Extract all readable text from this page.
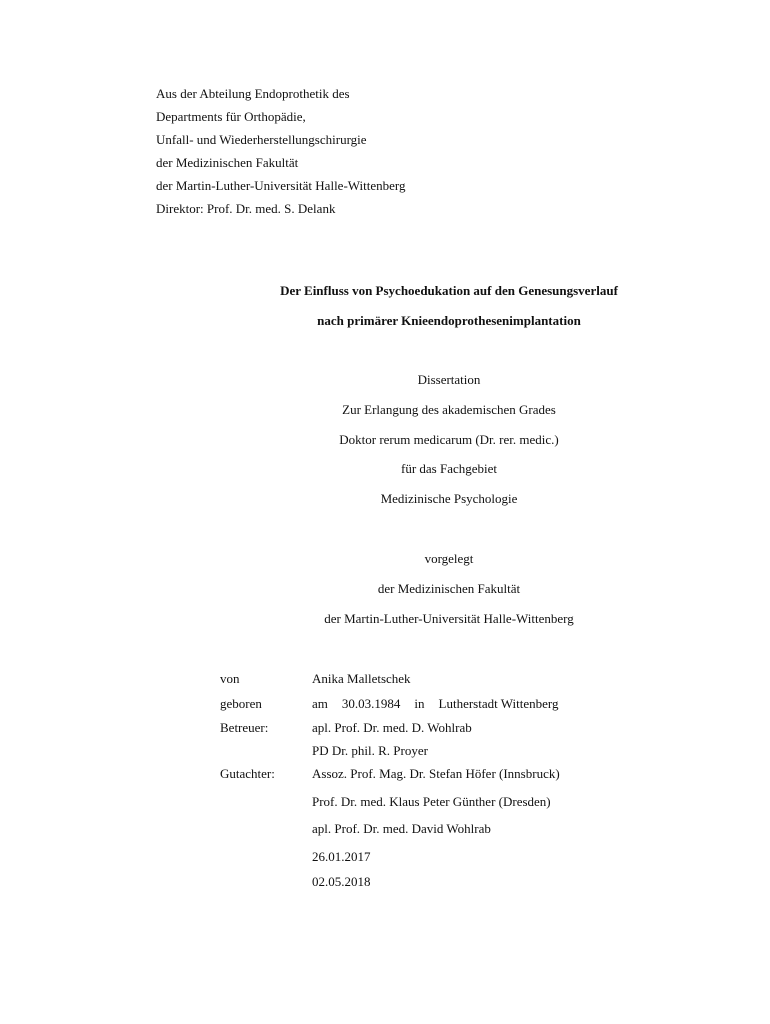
Aus der Abteilung Endoprothetik des
Departments für Orthopädie,
Unfall- und Wiederherstellungschirurgie
der Medizinischen Fakultät
der Martin-Luther-Universität Halle-Wittenberg
Direktor: Prof. Dr. med. S. Delank
Der Einfluss von Psychoedukation auf den Genesungsverlauf
nach primärer Knieendoprothesenimplantation
Dissertation
Zur Erlangung des akademischen Grades
Doktor rerum medicarum (Dr. rer. medic.)
für das Fachgebiet
Medizinische Psychologie
vorgelegt
der Medizinischen Fakultät
der Martin-Luther-Universität Halle-Wittenberg
von	Anika Malletschek
geboren	am 30.03.1984 in Lutherstadt Wittenberg
Betreuer:	apl. Prof. Dr. med. D. Wohlrab
PD Dr. phil. R. Proyer
Gutachter:	Assoz. Prof. Mag. Dr. Stefan Höfer (Innsbruck)
Prof. Dr. med. Klaus Peter Günther (Dresden)
apl. Prof. Dr. med. David Wohlrab
26.01.2017
02.05.2018
